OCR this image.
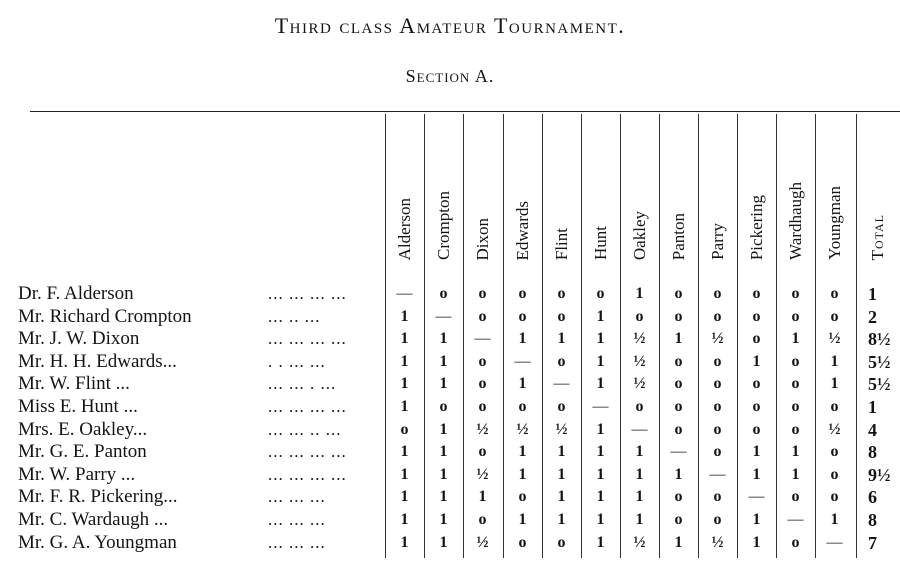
Third class Amateur Tournament.
Section A.
Alderson Crompton Dixon Edwards Flint Hunt Oakley Panton Parry Pickering Wardhaugh Youngman Total
Dr. F. Alderson	... ... ... ...	—	o	o	o	o	o	1	o	o	o	o	o	1
Mr. Richard Crompton	... .. ...	1	—	o	o	o	1	o	o	o	o	o	o	2
Mr. J. W. Dixon	... ... ... ...	1	1	—	1	1	1	½	1	½	o	1	½	8½
Mr. H. H. Edwards...	. . ... ...	1	1	o	—	o	1	½	o	o	1	o	1	5½
Mr. W. Flint ...	... ... . ...	1	1	o	1	—	1	½	o	o	o	o	1	5½
Miss E. Hunt ...	... ... ... ...	1	o	o	o	o	—	o	o	o	o	o	o	1
Mrs. E. Oakley...	... ... .. ...	o	1	½	½	½	1	—	o	o	o	o	½	4
Mr. G. E. Panton	... ... ... ...	1	1	o	1	1	1	1	—	o	1	1	o	8
Mr. W. Parry ...	... ... ... ...	1	1	½	1	1	1	1	1	—	1	1	o	9½
Mr. F. R. Pickering...	... ... ...	1	1	1	o	1	1	1	o	o	—	o	o	6
Mr. C. Wardaugh ...	... ... ...	1	1	o	1	1	1	1	o	o	1	—	1	8
Mr. G. A. Youngman	... ... ...	1	1	½	o	o	1	½	1	½	1	o	—	7
